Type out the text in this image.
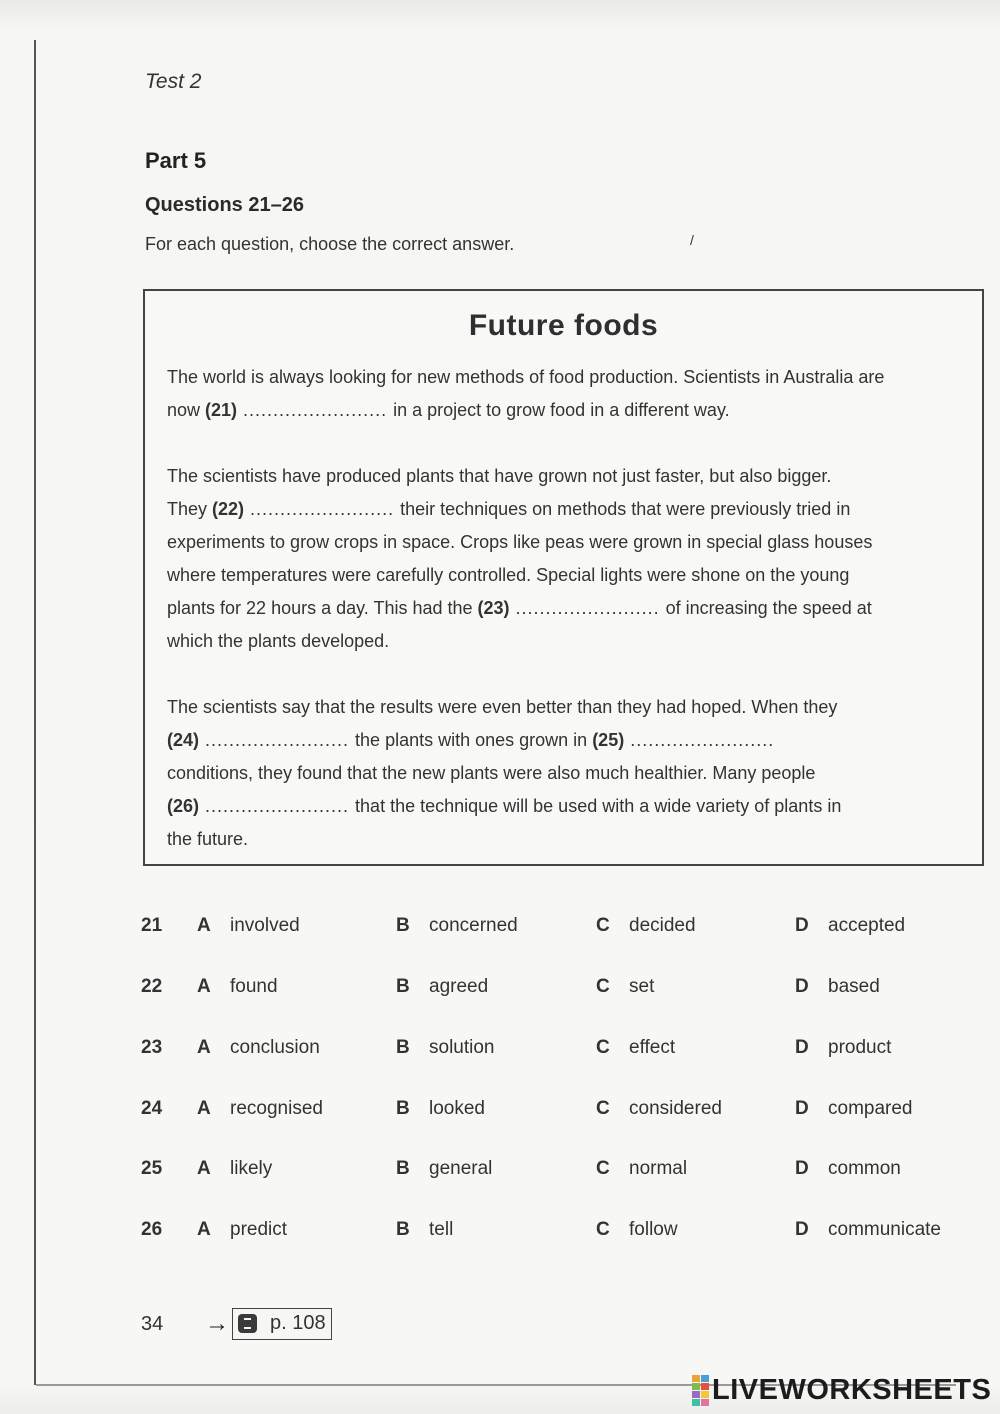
Test 2
Part 5
Questions 21–26
For each question, choose the correct answer.	/
Future foods
The world is always looking for new methods of food production. Scientists in Australia are
now (21) ........................ in a project to grow food in a different way.
The scientists have produced plants that have grown not just faster, but also bigger.
They (22) ........................ their techniques on methods that were previously tried in
experiments to grow crops in space. Crops like peas were grown in special glass houses
where temperatures were carefully controlled. Special lights were shone on the young
plants for 22 hours a day. This had the (23) ........................ of increasing the speed at
which the plants developed.
The scientists say that the results were even better than they had hoped. When they
(24) ........................ the plants with ones grown in (25) ........................
conditions, they found that the new plants were also much healthier. Many people
(26) ........................ that the technique will be used with a wide variety of plants in
the future.
21 A involved	B concerned	C decided	D accepted
22 A found	B agreed	C set	D based
23 A conclusion	B solution	C effect	D product
24 A recognised	B looked	C considered	D compared
25 A likely	B general	C normal	D common
26 A predict	B tell	C follow	D communicate
34 → p. 108
LIVEWORKSHEETS
